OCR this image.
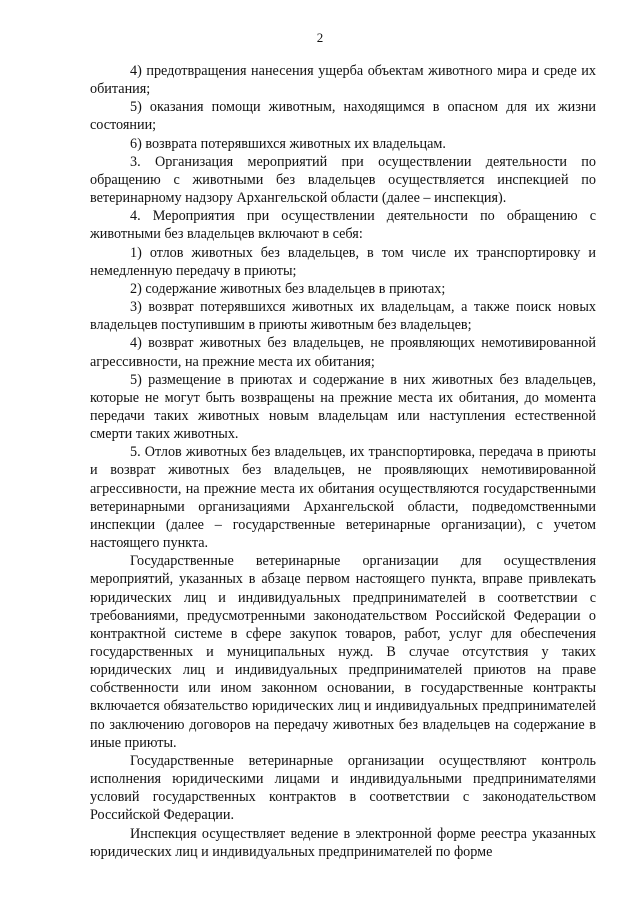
2

4) предотвращения нанесения ущерба объектам животного мира и среде их обитания;

5) оказания помощи животным, находящимся в опасном для их жизни состоянии;

6) возврата потерявшихся животных их владельцам.

3. Организация мероприятий при осуществлении деятельности по обращению с животными без владельцев осуществляется инспекцией по ветеринарному надзору Архангельской области (далее – инспекция).

4. Мероприятия при осуществлении деятельности по обращению с животными без владельцев включают в себя:

1) отлов животных без владельцев, в том числе их транспортировку и немедленную передачу в приюты;

2) содержание животных без владельцев в приютах;

3) возврат потерявшихся животных их владельцам, а также поиск новых владельцев поступившим в приюты животным без владельцев;

4) возврат животных без владельцев, не проявляющих немотивированной агрессивности, на прежние места их обитания;

5) размещение в приютах и содержание в них животных без владельцев, которые не могут быть возвращены на прежние места их обитания, до момента передачи таких животных новым владельцам или наступления естественной смерти таких животных.

5. Отлов животных без владельцев, их транспортировка, передача в приюты и возврат животных без владельцев, не проявляющих немотивированной агрессивности, на прежние места их обитания осуществляются государственными ветеринарными организациями Архангельской области, подведомственными инспекции (далее – государственные ветеринарные организации), с учетом настоящего пункта.

Государственные ветеринарные организации для осуществления мероприятий, указанных в абзаце первом настоящего пункта, вправе привлекать юридических лиц и индивидуальных предпринимателей в соответствии с требованиями, предусмотренными законодательством Российской Федерации о контрактной системе в сфере закупок товаров, работ, услуг для обеспечения государственных и муниципальных нужд. В случае отсутствия у таких юридических лиц и индивидуальных предпринимателей приютов на праве собственности или ином законном основании, в государственные контракты включается обязательство юридических лиц и индивидуальных предпринимателей по заключению договоров на передачу животных без владельцев на содержание в иные приюты.

Государственные ветеринарные организации осуществляют контроль исполнения юридическими лицами и индивидуальными предпринимателями условий государственных контрактов в соответствии с законодательством Российской Федерации.

Инспекция осуществляет ведение в электронной форме реестра указанных юридических лиц и индивидуальных предпринимателей по форме
